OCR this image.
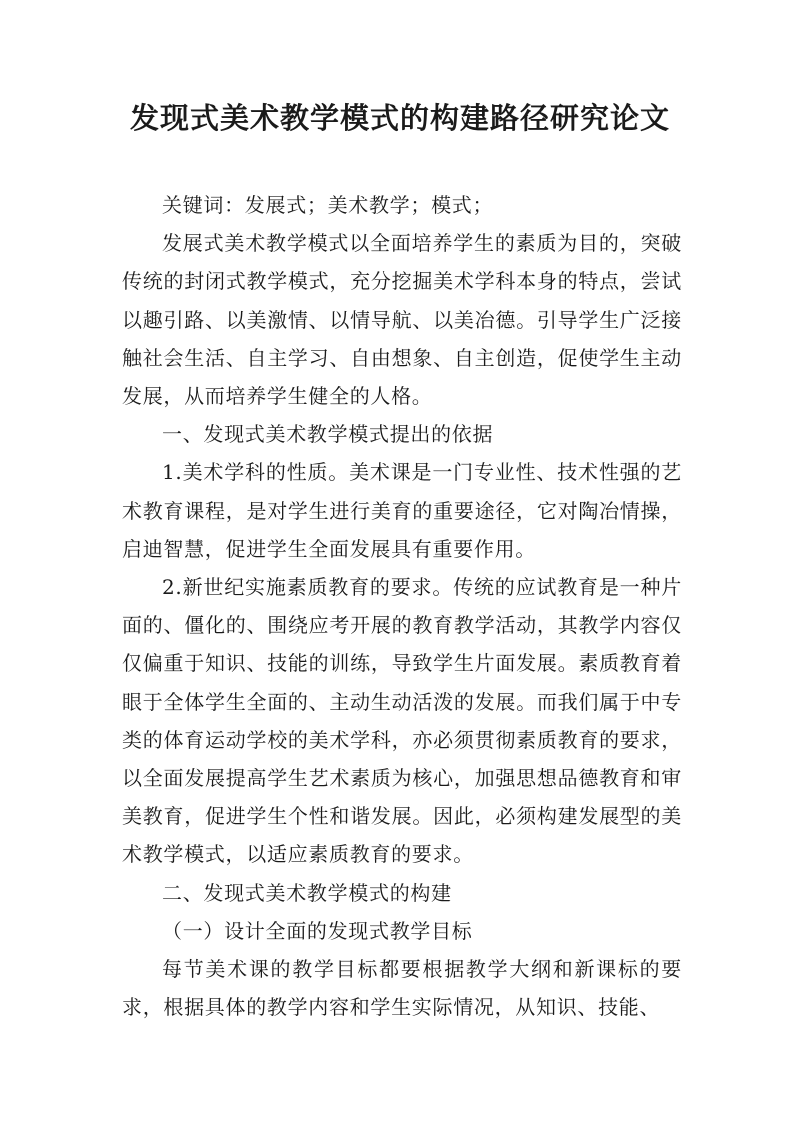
发现式美术教学模式的构建路径研究论文

关键词：发展式；美术教学；模式；

发展式美术教学模式以全面培养学生的素质为目的，突破传统的封闭式教学模式，充分挖掘美术学科本身的特点，尝试以趣引路、以美激情、以情导航、以美冶德。引导学生广泛接触社会生活、自主学习、自由想象、自主创造，促使学生主动发展，从而培养学生健全的人格。

一、发现式美术教学模式提出的依据

1.美术学科的性质。美术课是一门专业性、技术性强的艺术教育课程，是对学生进行美育的重要途径，它对陶冶情操，启迪智慧，促进学生全面发展具有重要作用。

2.新世纪实施素质教育的要求。传统的应试教育是一种片面的、僵化的、围绕应考开展的教育教学活动，其教学内容仅仅偏重于知识、技能的训练，导致学生片面发展。素质教育着眼于全体学生全面的、主动生动活泼的发展。而我们属于中专类的体育运动学校的美术学科，亦必须贯彻素质教育的要求，以全面发展提高学生艺术素质为核心，加强思想品德教育和审美教育，促进学生个性和谐发展。因此，必须构建发展型的美术教学模式，以适应素质教育的要求。

二、发现式美术教学模式的构建

（一）设计全面的发现式教学目标

每节美术课的教学目标都要根据教学大纲和新课标的要求，根据具体的教学内容和学生实际情况，从知识、技能、
